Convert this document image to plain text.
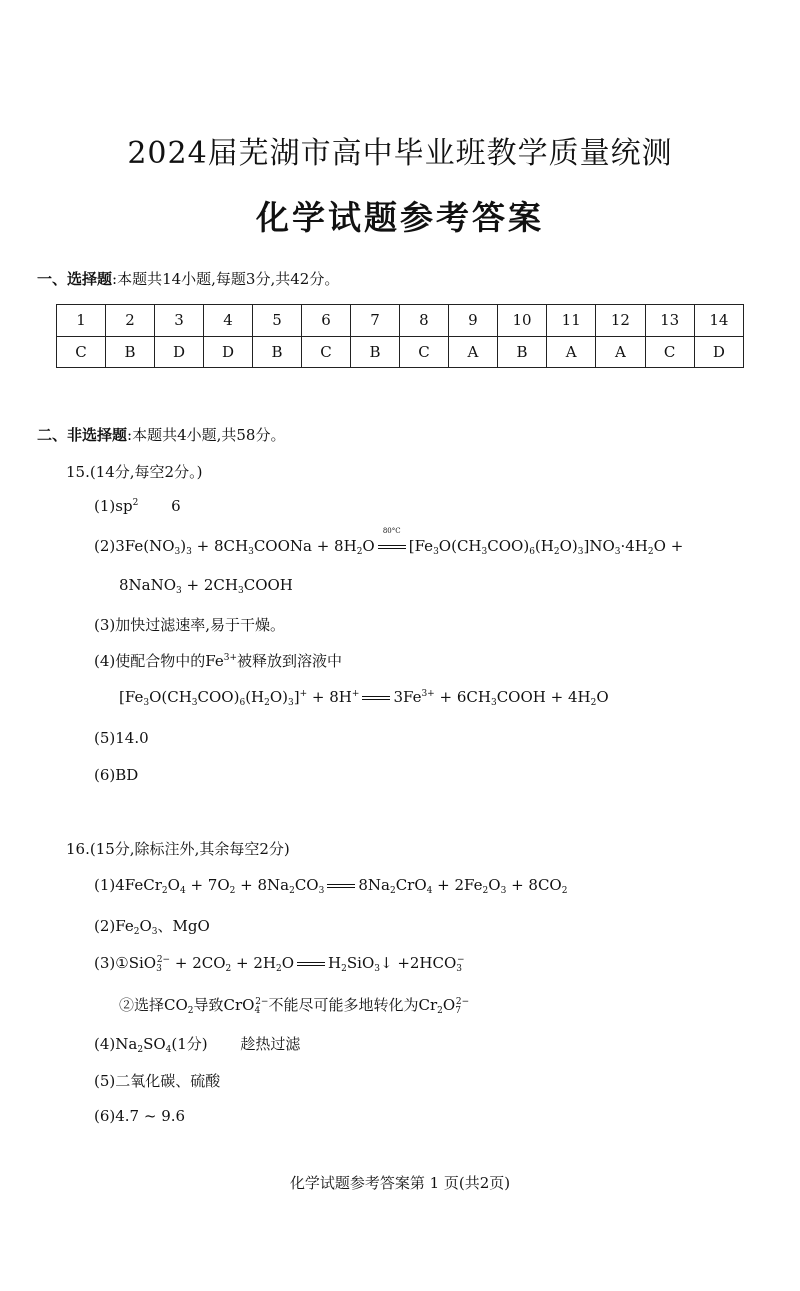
2024届芜湖市高中毕业班教学质量统测
化学试题参考答案
一、选择题:本题共14小题,每题3分,共42分。
1	2	3	4	5	6	7	8	9	10	11	12	13	14
C	B	D	D	B	C	B	C	A	B	A	A	C	D
二、非选择题:本题共4小题,共58分。
15.(14分,每空2分。)
$(1)sp^2$ 6
$(2)3Fe(NO_3)_3$ + $8CH_3COONa + 8H_2O$
80°C
$[Fe_3O(CH_3COO)_6(H_2O)_3]NO_3\cdot 4H_2O$ +
8NaNO$_3$ + $2CH_3COOH$
(3)加快过滤速率,易于干燥。
(4)使配合物中的$Fe^{3+}$被释放到溶液中
$[Fe_3O(CH_3COO)_6(H_2O)_3]^+ + 8H^+$ $3Fe^{3+}$ + $6CH_3COOH + 4H_2O$
(5)14.0
(6)BD
16.(15分,除标注外,其余每空2分)
$(1)4FeCr_2O_4 + 7O_2 + 8Na_2CO_3$ $8Na_2CrO_4 + 2Fe_2O_3 + 8CO_2$
$(2)Fe_2O_3$、MgO
(3)①SiO$_3^{2-}$ + $2CO_2 + 2H_2O$ $H_2SiO_3↓ +2HCO_3^-$
②选择$CO_2$导致CrO$_4^{2-}$不能尽可能多地转化为$Cr_2O_7^{2-}$
$(4)Na_2SO_4(1$分) 趁热过滤
(5)二氧化碳、硫酸
(6)4.7 ~ 9.6
化学试题参考答案第 1 页(共2页)
